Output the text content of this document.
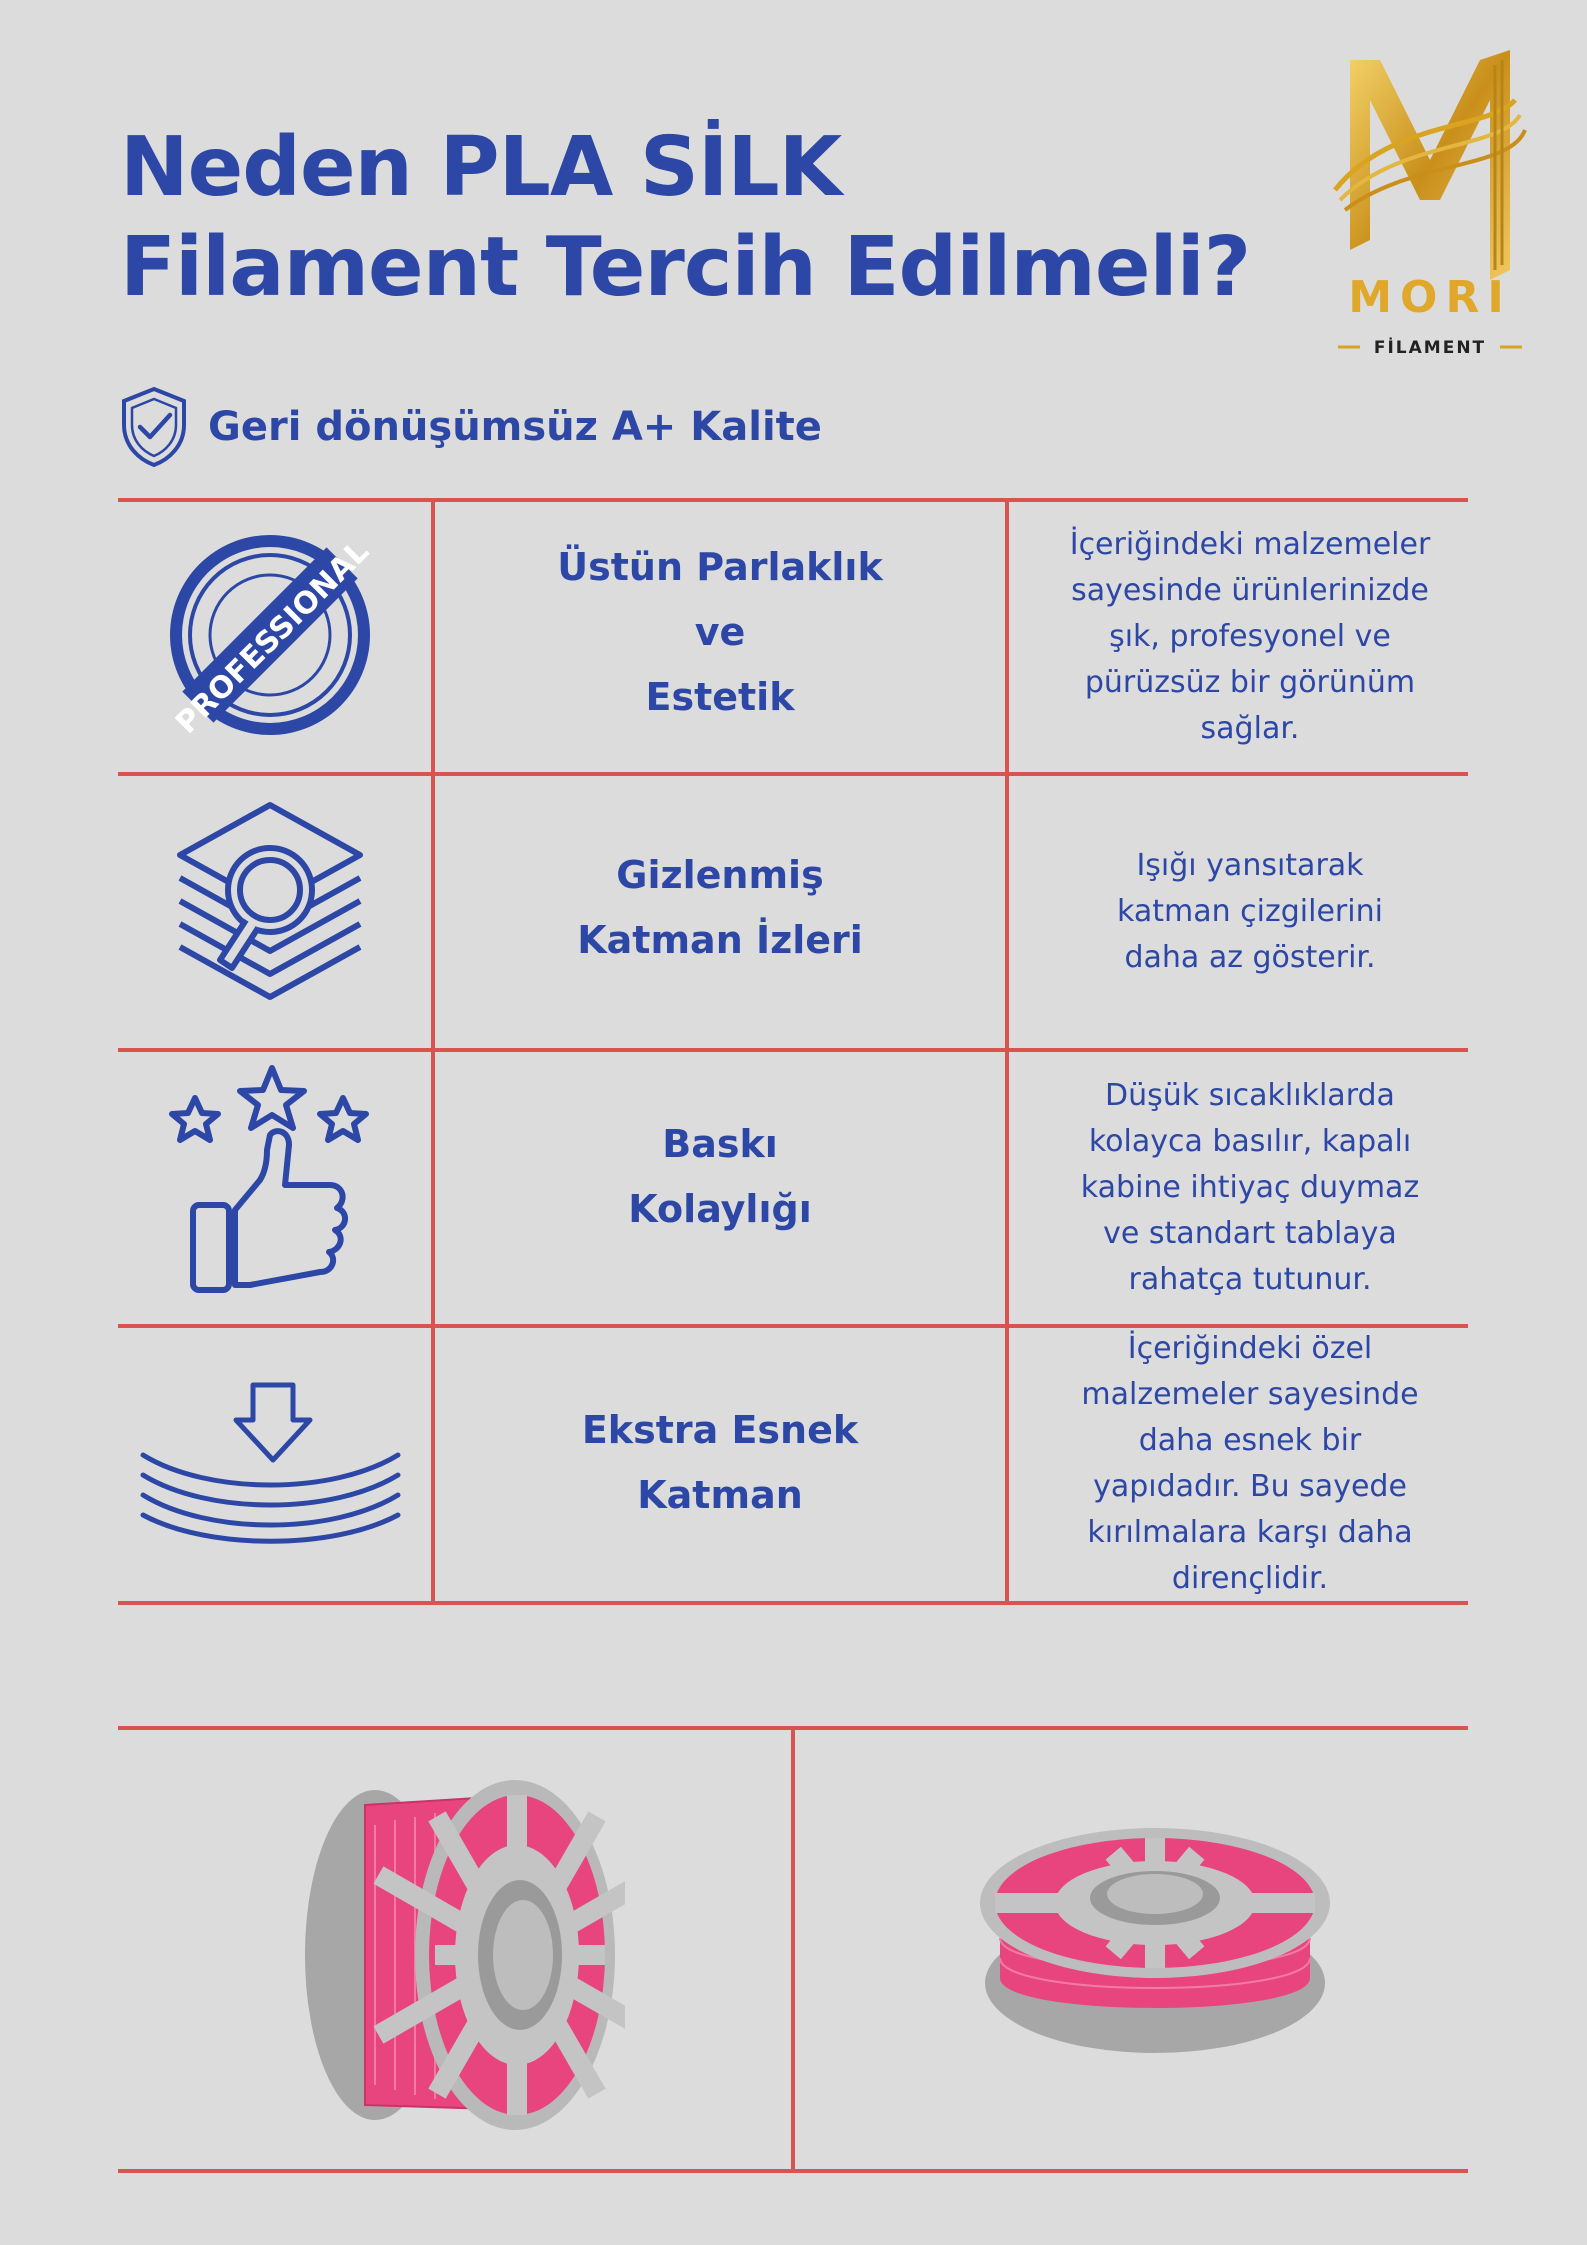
Neden PLA SİLK
Filament Tercih Edilmeli?	MORI
FİLAMENT
Geri dönüşümsüz A+ Kalite
PROFESSIONAL	Üstün Parlaklık
ve
Estetik
İçeriğindeki malzemeler
sayesinde ürünlerinizde
şık, profesyonel ve
pürüzsüz bir görünüm
sağlar.
Gizlenmiş
Katman İzleri
Işığı yansıtarak
katman çizgilerini
daha az gösterir.
Baskı
Kolaylığı
Düşük sıcaklıklarda
kolayca basılır, kapalı
kabine ihtiyaç duymaz
ve standart tablaya
rahatça tutunur.
Ekstra Esnek
Katman
İçeriğindeki özel
malzemeler sayesinde
daha esnek bir
yapıdadır. Bu sayede
kırılmalara karşı daha
dirençlidir.
